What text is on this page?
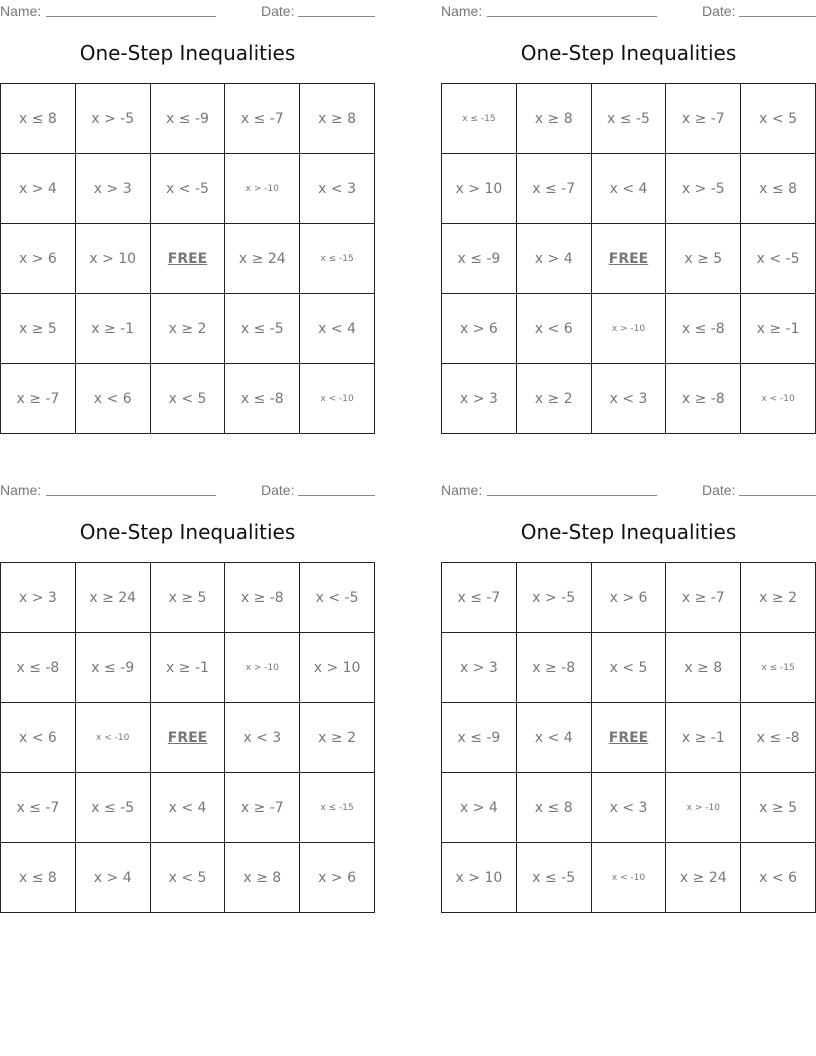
Name:	Date:
One-Step Inequalities
x ≤ 8	x > -5	x ≤ -9	x ≤ -7	x ≥ 8
x > 4	x > 3	x < -5	x > -10	x < 3
x > 6	x > 10	FREE	x ≥ 24	x ≤ -15
x ≥ 5	x ≥ -1	x ≥ 2	x ≤ -5	x < 4
x ≥ -7	x < 6	x < 5	x ≤ -8	x < -10
Name:	Date:
One-Step Inequalities
x ≤ -15	x ≥ 8	x ≤ -5	x ≥ -7	x < 5
x > 10	x ≤ -7	x < 4	x > -5	x ≤ 8
x ≤ -9	x > 4	FREE	x ≥ 5	x < -5
x > 6	x < 6	x > -10	x ≤ -8	x ≥ -1
x > 3	x ≥ 2	x < 3	x ≥ -8	x < -10
Name:	Date:
One-Step Inequalities
x > 3	x ≥ 24	x ≥ 5	x ≥ -8	x < -5
x ≤ -8	x ≤ -9	x ≥ -1	x > -10	x > 10
x < 6	x < -10	FREE	x < 3	x ≥ 2
x ≤ -7	x ≤ -5	x < 4	x ≥ -7	x ≤ -15
x ≤ 8	x > 4	x < 5	x ≥ 8	x > 6
Name:	Date:
One-Step Inequalities
x ≤ -7	x > -5	x > 6	x ≥ -7	x ≥ 2
x > 3	x ≥ -8	x < 5	x ≥ 8	x ≤ -15
x ≤ -9	x < 4	FREE	x ≥ -1	x ≤ -8
x > 4	x ≤ 8	x < 3	x > -10	x ≥ 5
x > 10	x ≤ -5	x < -10	x ≥ 24	x < 6
